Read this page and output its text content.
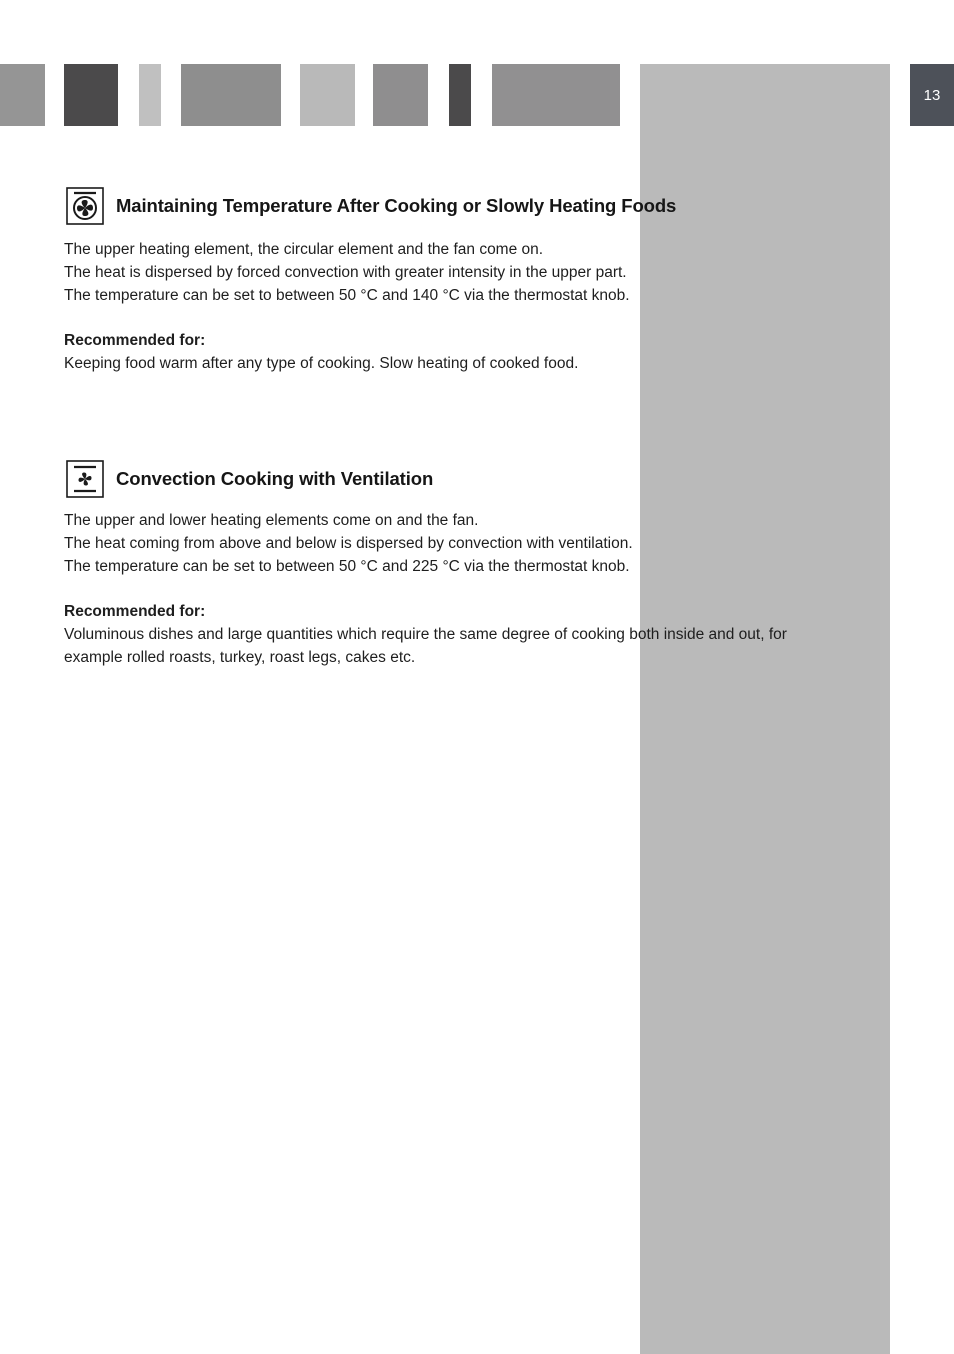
13
Maintaining Temperature After Cooking or Slowly Heating Foods

The upper heating element, the circular element and the fan come on.
The heat is dispersed by forced convection with greater intensity in the upper part.
The temperature can be set to between 50 °C and 140 °C via the thermostat knob.

Recommended for:

Keeping food warm after any type of cooking. Slow heating of cooked food.

Convection Cooking with Ventilation

The upper and lower heating elements come on and the fan.
The heat coming from above and below is dispersed by convection with ventilation.
The temperature can be set to between 50 °C and 225 °C via the thermostat knob.

Recommended for:

Voluminous dishes and large quantities which require the same degree of cooking both inside and out, for example rolled roasts, turkey, roast legs, cakes etc.
